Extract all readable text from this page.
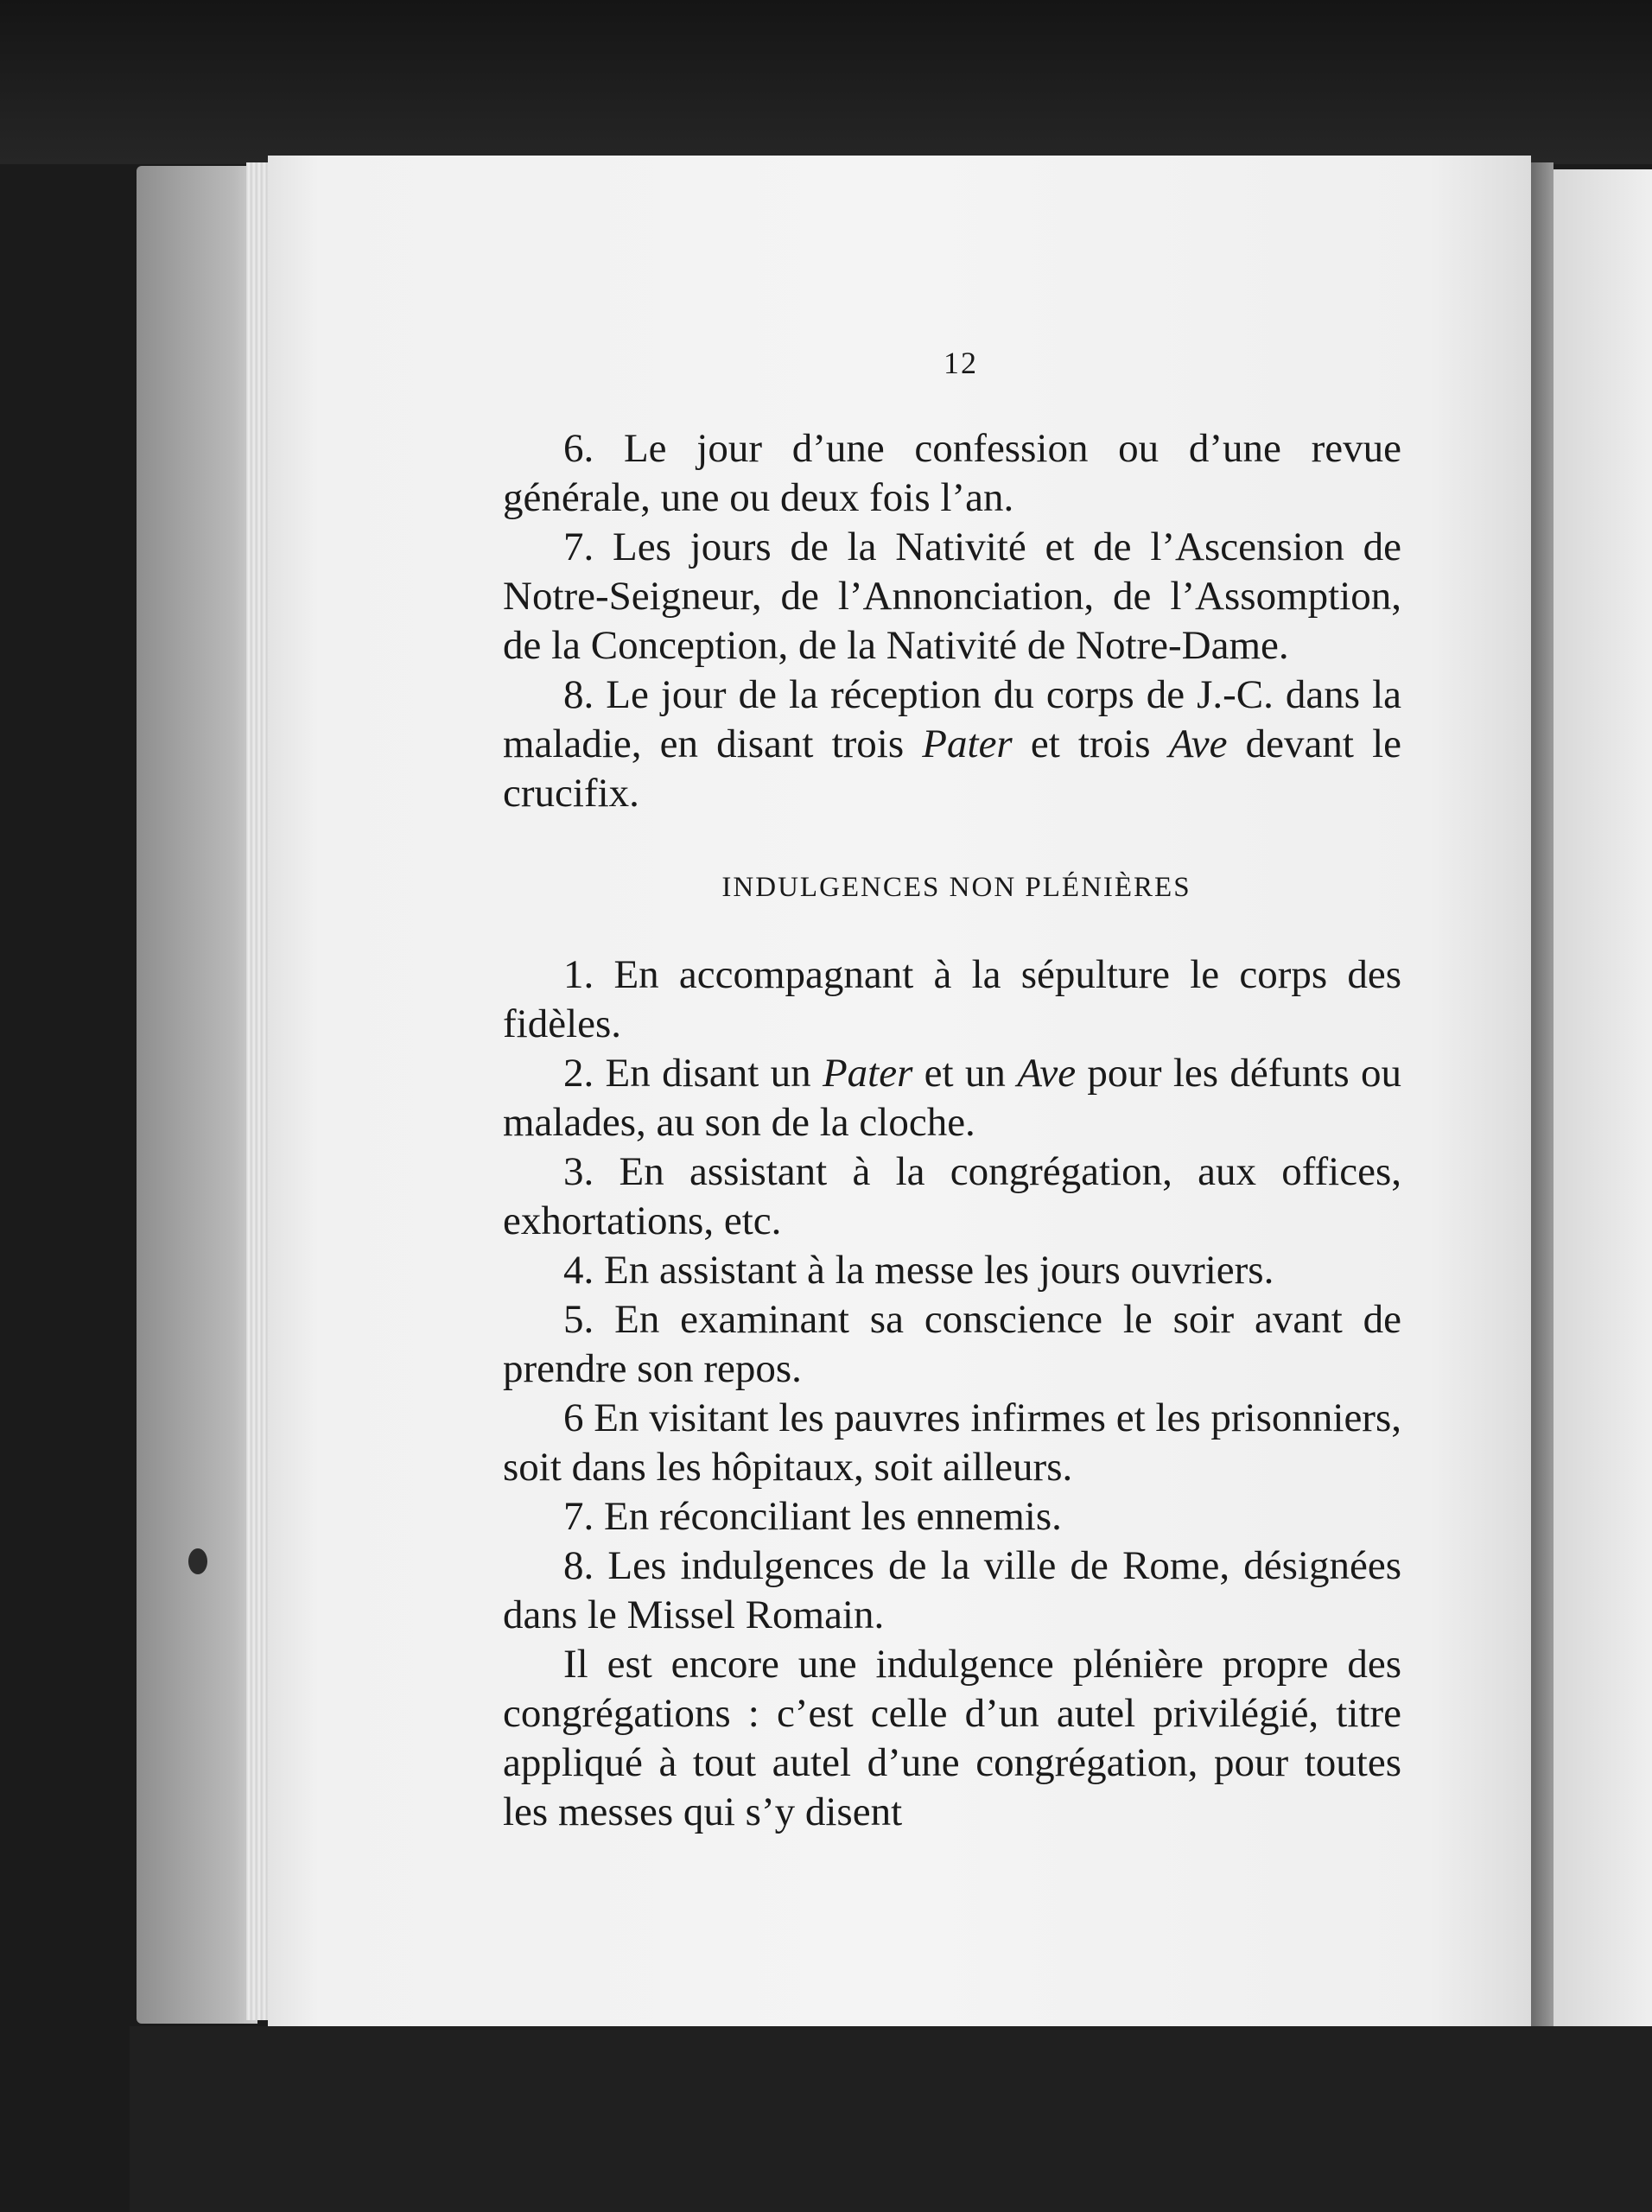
12

6. Le jour d’une confession ou d’une revue générale, une ou deux fois l’an.

7. Les jours de la Nativité et de l’Ascension de Notre-Seigneur, de l’Annonciation, de l’Assomption, de la Conception, de la Nativité de Notre-Dame.

8. Le jour de la réception du corps de J.-C. dans la maladie, en disant trois Pater et trois Ave devant le crucifix.

INDULGENCES NON PLÉNIÈRES

1. En accompagnant à la sépulture le corps des fidèles.

2. En disant un Pater et un Ave pour les défunts ou malades, au son de la cloche.

3. En assistant à la congrégation, aux offices, exhortations, etc.

4. En assistant à la messe les jours ouvriers.

5. En examinant sa conscience le soir avant de prendre son repos.

6 En visitant les pauvres infirmes et les prisonniers, soit dans les hôpitaux, soit ailleurs.

7. En réconciliant les ennemis.

8. Les indulgences de la ville de Rome, désignées dans le Missel Romain.

Il est encore une indulgence plénière propre des congrégations : c’est celle d’un autel privilégié, titre appliqué à tout autel d’une congrégation, pour toutes les messes qui s’y disent
